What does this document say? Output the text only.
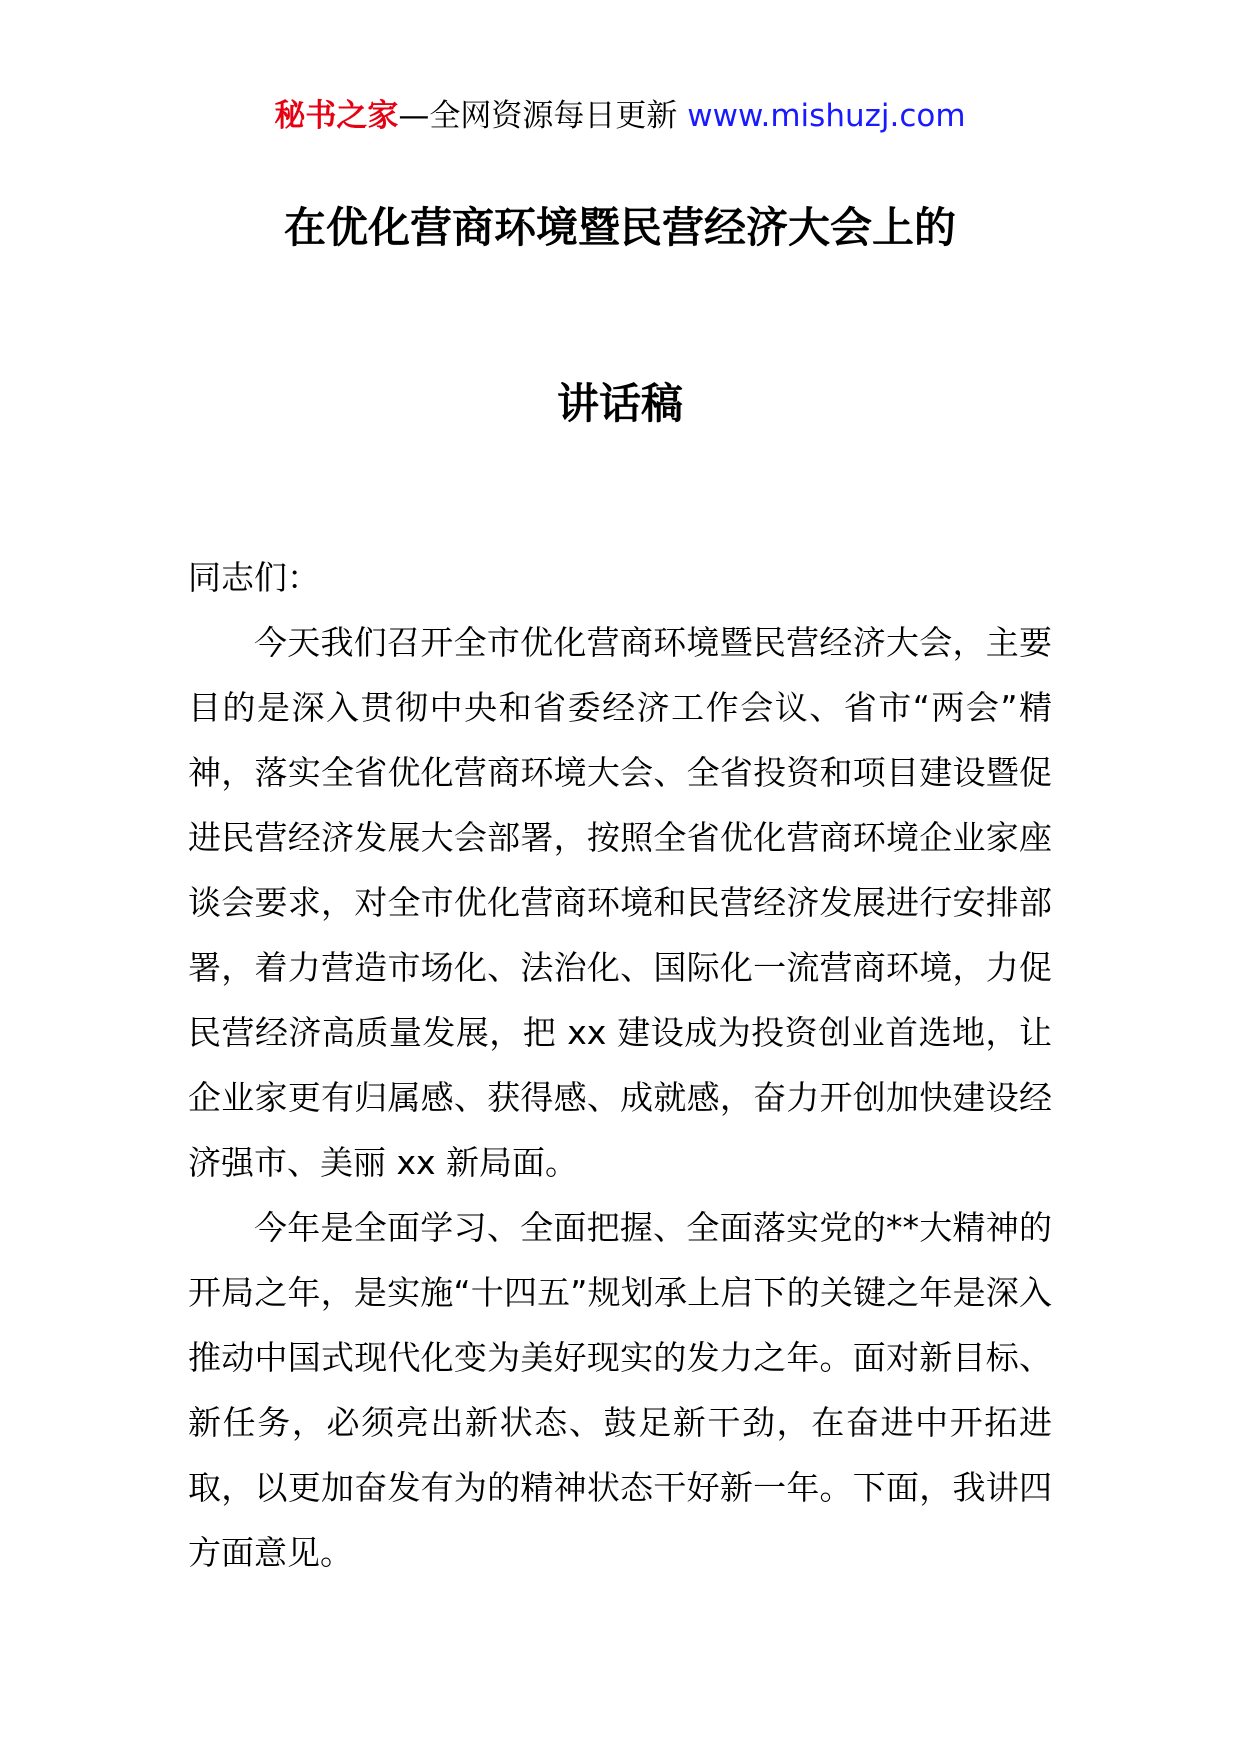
秘书之家—全网资源每日更新 www.mishuzj.com
在优化营商环境暨民营经济大会上的
讲话稿

同志们：

今天我们召开全市优化营商环境暨民营经济大会，主要目的是深入贯彻中央和省委经济工作会议、省市“两会”精神，落实全省优化营商环境大会、全省投资和项目建设暨促进民营经济发展大会部署，按照全省优化营商环境企业家座谈会要求，对全市优化营商环境和民营经济发展进行安排部署，着力营造市场化、法治化、国际化一流营商环境，力促民营经济高质量发展，把 xx 建设成为投资创业首选地，让企业家更有归属感、获得感、成就感，奋力开创加快建设经济强市、美丽 xx 新局面。

今年是全面学习、全面把握、全面落实党的**大精神的开局之年，是实施“十四五”规划承上启下的关键之年是深入推动中国式现代化变为美好现实的发力之年。面对新目标、新任务，必须亮出新状态、鼓足新干劲，在奋进中开拓进取，以更加奋发有为的精神状态干好新一年。下面，我讲四方面意见。
